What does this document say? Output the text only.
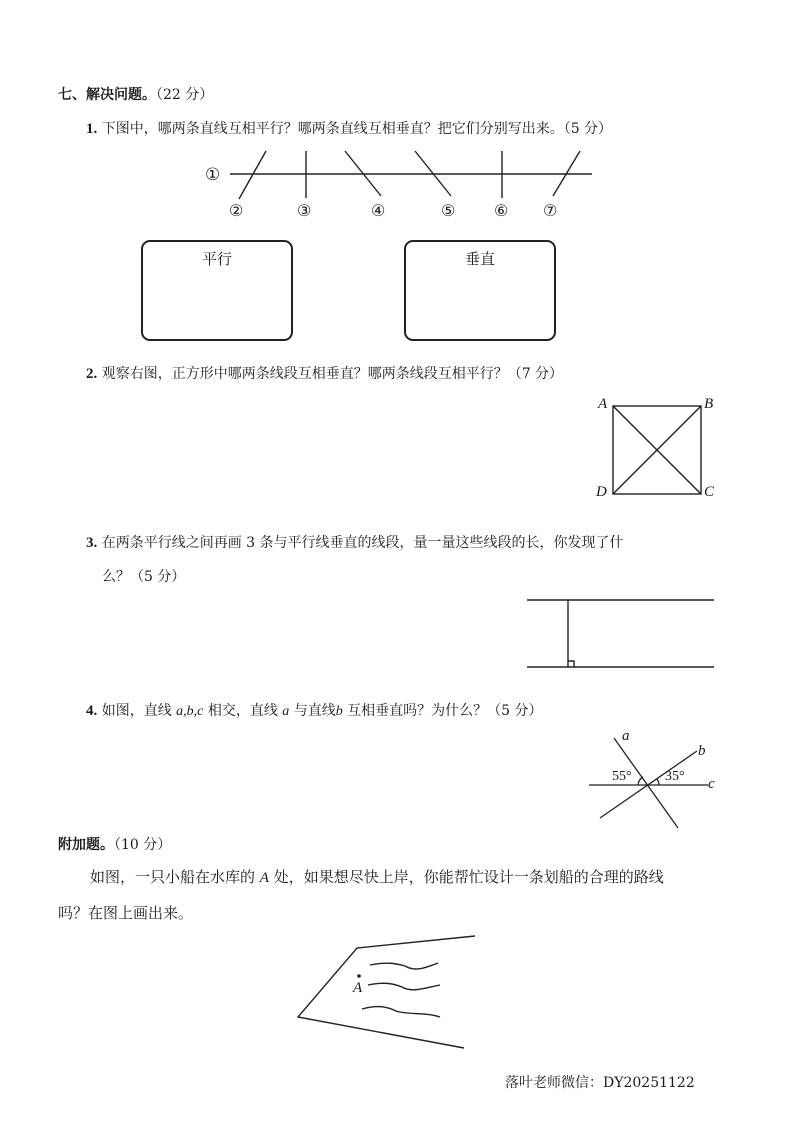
七、解决问题。（22 分）
1. 下图中，哪两条直线互相平行？哪两条直线互相垂直？把它们分别写出来。（5 分）
①
②	③	④	⑤ ⑥ ⑦
平行	垂直
2. 观察右图，正方形中哪两条线段互相垂直？哪两条线段互相平行？（7 分）
A	B
C
D
3. 在两条平行线之间再画 3 条与平行线垂直的线段，量一量这些线段的长，你发现了什
么？（5 分）
4. 如图，直线 a,b,c 相交，直线 a 与直线b 互相垂直吗？为什么？（5 分）
a
b
c
55° 35°
附加题。（10 分）
如图，一只小船在水库的 A 处，如果想尽快上岸，你能帮忙设计一条划船的合理的路线
吗？在图上画出来。
A
落叶老师微信：DY20251122
